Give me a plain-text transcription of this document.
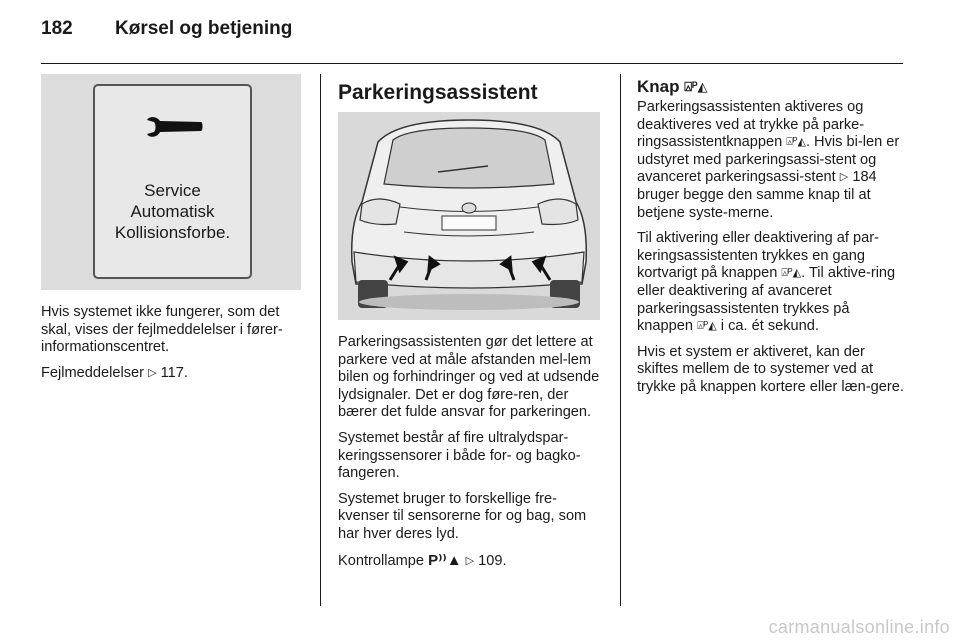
182 Kørsel og betjening
Service
Automatisk
Kollisionsforbe.

Hvis systemet ikke fungerer, som det skal, vises der fejlmeddelelser i fører-informationscentret.

Fejlmeddelelser ▷ 117.

Parkeringsassistent

Parkeringsassistenten gør det lettere at parkere ved at måle afstanden mel-lem bilen og forhindringer og ved at udsende lydsignaler. Det er dog føre-ren, der bærer det fulde ansvar for parkeringen.

Systemet består af fire ultralydspar-keringssensorer i både for- og bagko-fangeren.

Systemet bruger to forskellige fre-kvenser til sensorerne for og bag, som har hver deres lyd.

Kontrollampe P⁾⁾▲ ▷ 109.

Knap ⍓ᴾ◭

Parkeringsassistenten aktiveres og deaktiveres ved at trykke på parke-ringsassistentknappen ⍓ᴾ◭. Hvis bi-len er udstyret med parkeringsassi-stent og avanceret parkeringsassi-stent ▷ 184 bruger begge den samme knap til at betjene syste-merne.

Til aktivering eller deaktivering af par-keringsassistenten trykkes en gang kortvarigt på knappen ⍓ᴾ◭. Til aktive-ring eller deaktivering af avanceret parkeringsassistenten trykkes på knappen ⍓ᴾ◭ i ca. ét sekund.

Hvis et system er aktiveret, kan der skiftes mellem de to systemer ved at trykke på knappen kortere eller læn-gere.

carmanualsonline.info
